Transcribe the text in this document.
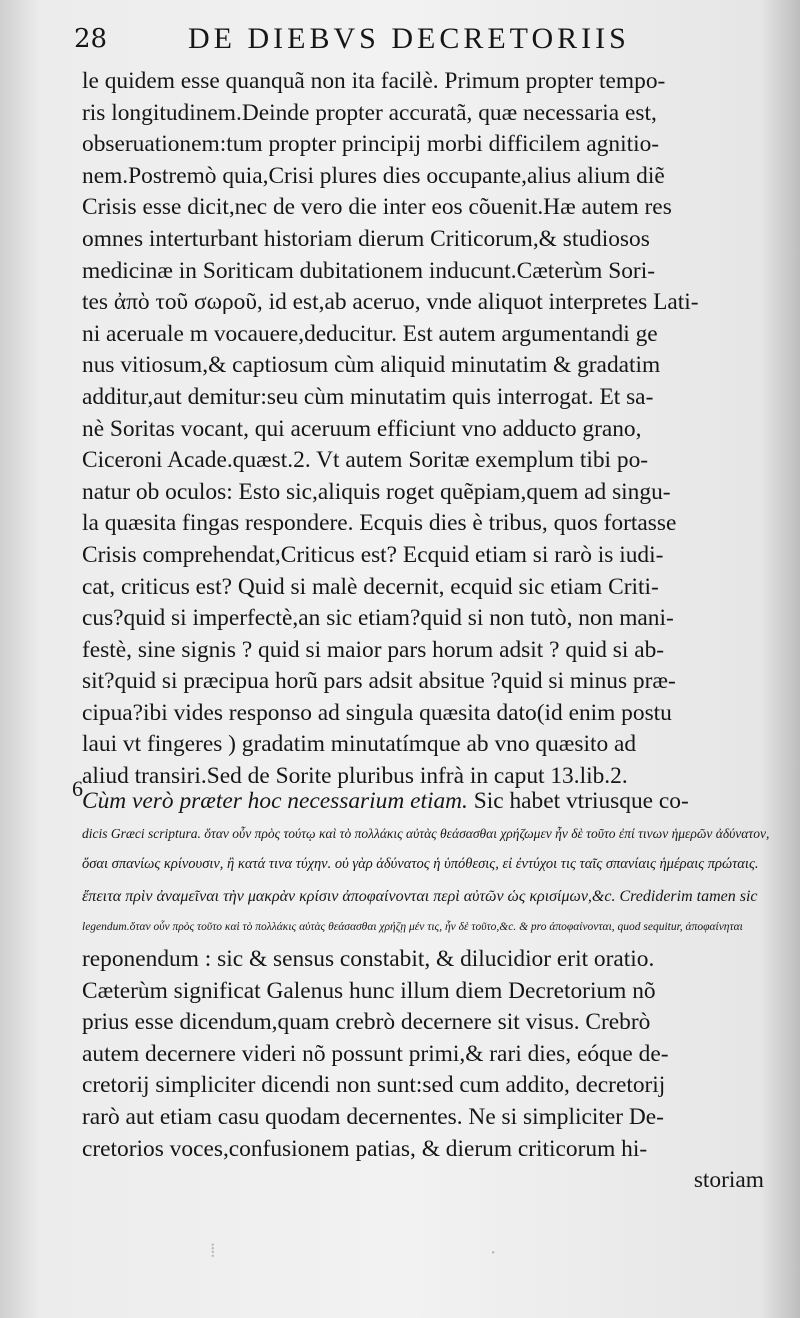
28	DE DIEBVS DECRETORIIS
le quidem esse quanquã non ita facilè. Primum propter tempo-
ris longitudinem.Deinde propter accuratã, quæ necessaria est,
obseruationem:tum propter principij morbi difficilem agnitio-
nem.Postremò quia,Crisi plures dies occupante,alius alium diẽ
Crisis esse dicit,nec de vero die inter eos cõuenit.Hæ autem res
omnes interturbant historiam dierum Criticorum,& studiosos
medicinæ in Soriticam dubitationem inducunt.Cæterùm Sori-
tes ἀπὸ τοῦ σωροῦ, id est,ab aceruo, vnde aliquot interpretes Lati-
ni aceruale m vocauere,deducitur. Est autem argumentandi ge
nus vitiosum,& captiosum cùm aliquid minutatim & gradatim
additur,aut demitur:seu cùm minutatim quis interrogat. Et sa-
nè Soritas vocant, qui aceruum efficiunt vno adducto grano,
Ciceroni Acade.quæst.2. Vt autem Soritæ exemplum tibi po-
natur ob oculos: Esto sic,aliquis roget quẽpiam,quem ad singu-
la quæsita fingas respondere. Ecquis dies è tribus, quos fortasse
Crisis comprehendat,Criticus est? Ecquid etiam si rarò is iudi-
cat, criticus est? Quid si malè decernit, ecquid sic etiam Criti-
cus?quid si imperfectè,an sic etiam?quid si non tutò, non mani-
festè, sine signis ? quid si maior pars horum adsit ? quid si ab-
sit?quid si præcipua horũ pars adsit absitue ?quid si minus præ-
cipua?ibi vides responso ad singula quæsita dato(id enim postu
laui vt fingeres ) gradatim minutatímque ab vno quæsito ad
aliud transiri.Sed de Sorite pluribus infrà in caput 13.lib.2.
6 Cùm verò præter hoc necessarium etiam. Sic habet vtriusque co-
dicis Græci scriptura. ὅταν οὖν πρὸς τούτῳ καὶ τὸ πολλάκις αὐτὰς θεάσασθαι χρήζωμεν ἦν δὲ τοῦτο ἐπί τινων ἡμερῶν ἀδύνατον,
ὅσαι σπανίως κρίνουσιν, ἢ κατά τινα τύχην. οὐ γὰρ ἀδύνατος ἡ ὑπόθεσις, εἰ ἐντύχοι τις ταῖς σπανίαις ἡμέραις πρώταις.
ἔπειτα πρὶν ἀναμεῖναι τὴν μακρὰν κρίσιν ἀποφαίνονται περὶ αὐτῶν ὡς κρισίμων,&c. Crediderim tamen sic
legendum.ὅταν οὖν πρὸς τοῦτο καὶ τὸ πολλάκις αὐτὰς θεάσασθαι χρήζῃ μέν τις, ἦν δὲ τοῦτο,&c. & pro ἀποφαίνονται, quod sequitur, ἀποφαίνηται
reponendum : sic & sensus constabit, & dilucidior erit oratio.
Cæterùm significat Galenus hunc illum diem Decretorium nõ
prius esse dicendum,quam crebrò decernere sit visus. Crebrò
autem decernere videri nõ possunt primi,& rari dies, eóque de-
cretorij simpliciter dicendi non sunt:sed cum addito, decretorij
rarò aut etiam casu quodam decernentes. Ne si simpliciter De-
cretorios voces,confusionem patias, & dierum criticorum hi-
storiam
⁞	·
